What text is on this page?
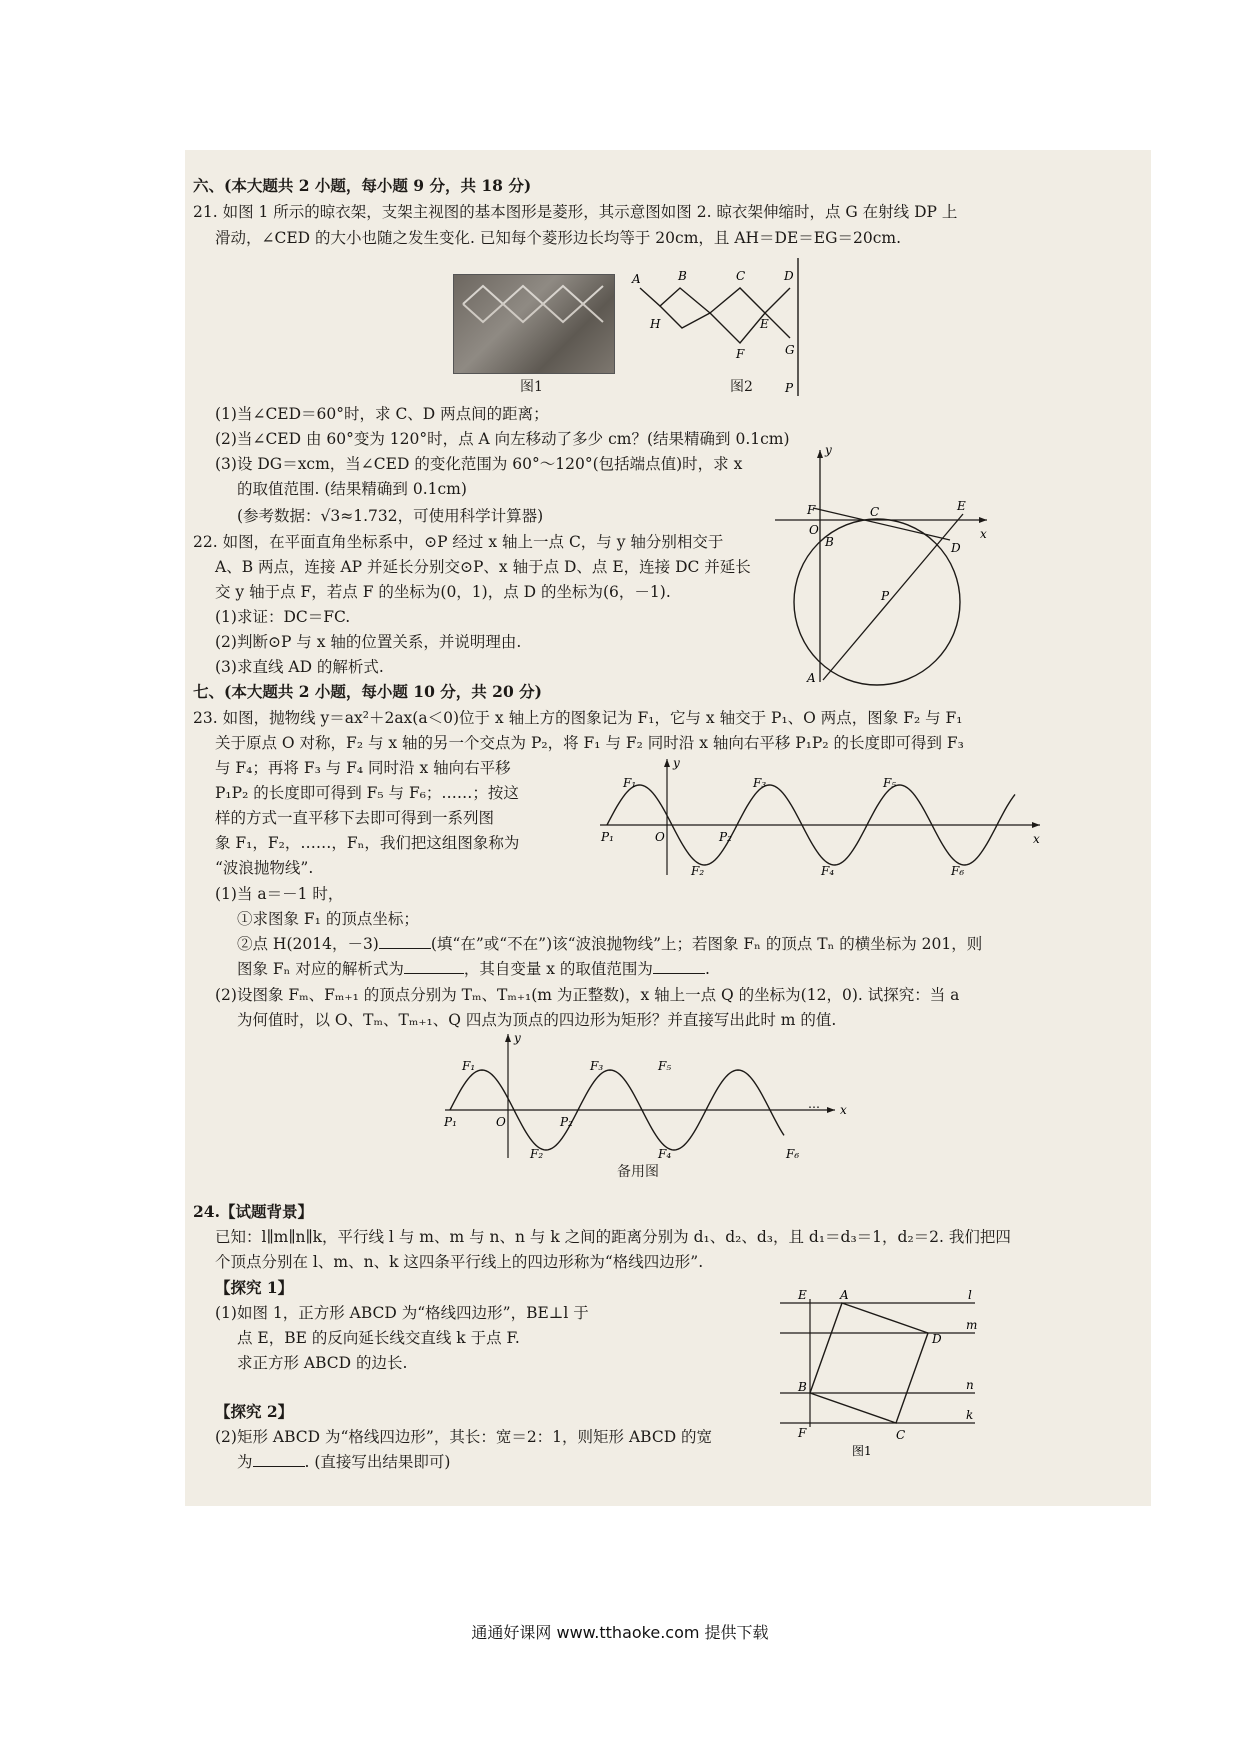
六、(本大题共 2 小题，每小题 9 分，共 18 分)
21. 如图 1 所示的晾衣架，支架主视图的基本图形是菱形，其示意图如图 2. 晾衣架伸缩时，点 G 在射线 DP 上
滑动，∠CED 的大小也随之发生变化. 已知每个菱形边长均等于 20cm，且 AH＝DE＝EG＝20cm.
图1
A	B	C	D
H	E
F	G
P
图2
(1)当∠CED＝60°时，求 C、D 两点间的距离；
(2)当∠CED 由 60°变为 120°时，点 A 向左移动了多少 cm？(结果精确到 0.1cm)
(3)设 DG＝xcm，当∠CED 的变化范围为 60°～120°(包括端点值)时，求 x
的取值范围. (结果精确到 0.1cm)
(参考数据：√3≈1.732，可使用科学计算器)
y
x
F
O
B
C	E
D
P
A
22. 如图，在平面直角坐标系中，⊙P 经过 x 轴上一点 C，与 y 轴分别相交于
A、B 两点，连接 AP 并延长分别交⊙P、x 轴于点 D、点 E，连接 DC 并延长
交 y 轴于点 F，若点 F 的坐标为(0，1)，点 D 的坐标为(6，－1).
(1)求证：DC＝FC.
(2)判断⊙P 与 x 轴的位置关系，并说明理由.
(3)求直线 AD 的解析式.
七、(本大题共 2 小题，每小题 10 分，共 20 分)
23. 如图，抛物线 y＝ax²＋2ax(a＜0)位于 x 轴上方的图象记为 F₁，它与 x 轴交于 P₁、O 两点，图象 F₂ 与 F₁
关于原点 O 对称，F₂ 与 x 轴的另一个交点为 P₂，将 F₁ 与 F₂ 同时沿 x 轴向右平移 P₁P₂ 的长度即可得到 F₃
与 F₄；再将 F₃ 与 F₄ 同时沿 x 轴向右平移
P₁P₂ 的长度即可得到 F₅ 与 F₆；……；按这
样的方式一直平移下去即可得到一系列图
象 F₁，F₂，……，Fₙ，我们把这组图象称为
“波浪抛物线”.
y
x
O
P₁	P₂
F₁
F₂
F₃
F₄
F₅
F₆
(1)当 a＝－1 时，
①求图象 F₁ 的顶点坐标；
②点 H(2014，－3)	(填“在”或“不在”)该“波浪抛物线”上；若图象 Fₙ 的顶点 Tₙ 的横坐标为 201，则
图象 Fₙ 对应的解析式为	，其自变量 x 的取值范围为	.
(2)设图象 Fₘ、Fₘ₊₁ 的顶点分别为 Tₘ、Tₘ₊₁(m 为正整数)，x 轴上一点 Q 的坐标为(12，0). 试探究：当 a
为何值时，以 O、Tₘ、Tₘ₊₁、Q 四点为顶点的四边形为矩形？并直接写出此时 m 的值.
y
x
…
O
P₁	P₂
F₁
F₂
F₃	F₅
F₄	F₆
备用图
24.【试题背景】
已知：l∥m∥n∥k，平行线 l 与 m、m 与 n、n 与 k 之间的距离分别为 d₁、d₂、d₃，且 d₁＝d₃＝1，d₂＝2. 我们把四
个顶点分别在 l、m、n、k 这四条平行线上的四边形称为“格线四边形”.
【探究 1】
(1)如图 1，正方形 ABCD 为“格线四边形”，BE⊥l 于
点 E，BE 的反向延长线交直线 k 于点 F.
求正方形 ABCD 的边长.
【探究 2】
(2)矩形 ABCD 为“格线四边形”，其长：宽＝2：1，则矩形 ABCD 的宽
为	. (直接写出结果即可)
E	A	l
m
D
n
B
k
F	C
图1
通通好课网 www.tthaoke.com 提供下载
